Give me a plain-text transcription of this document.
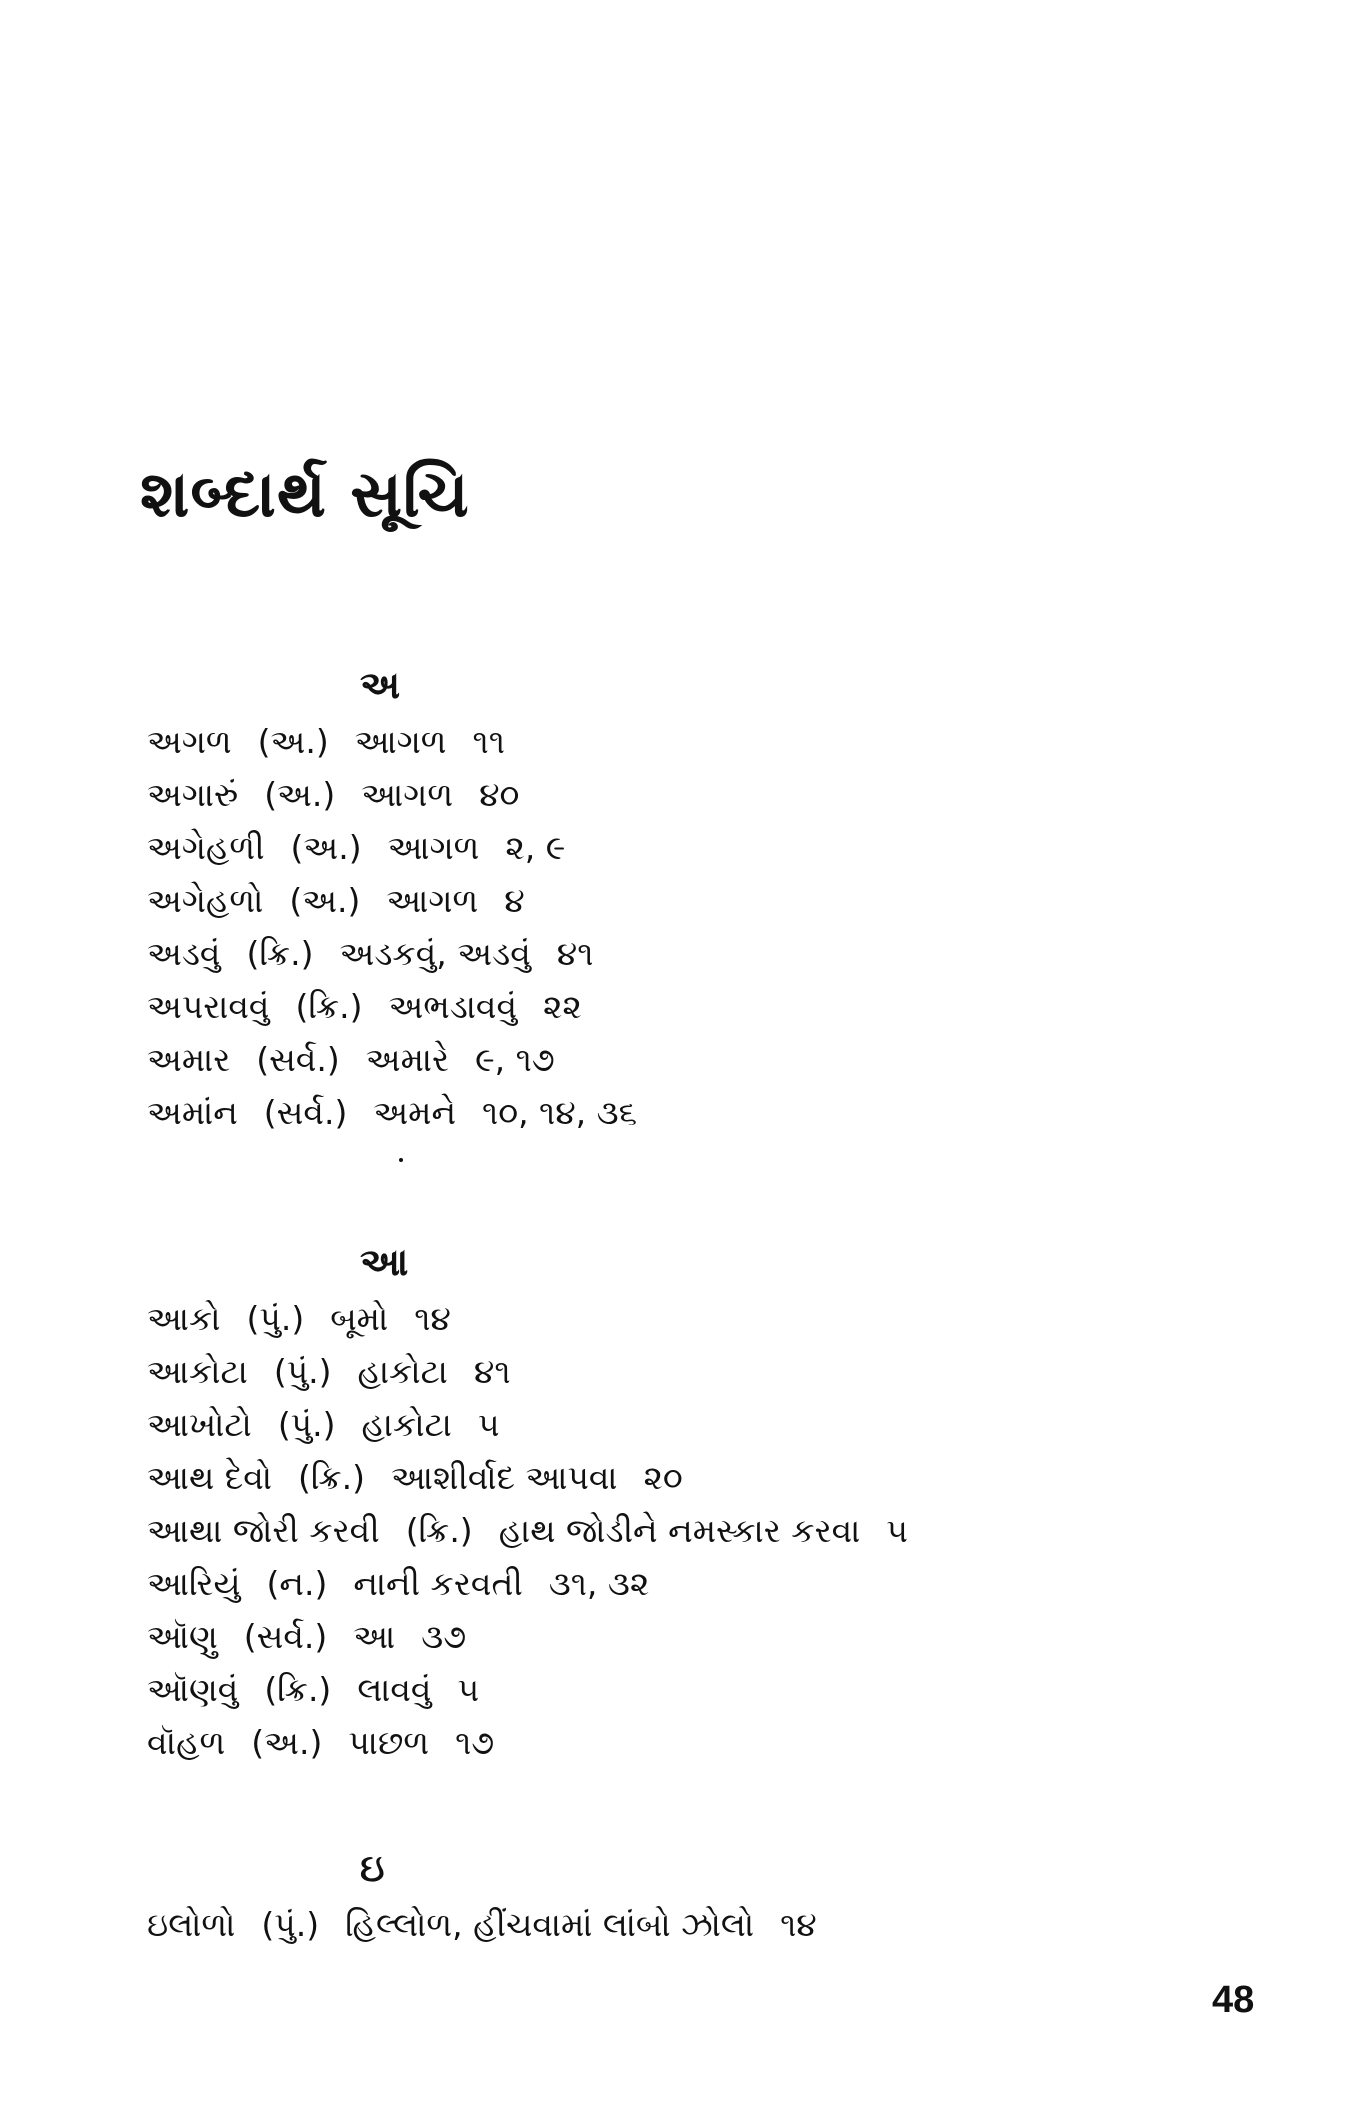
શબ્દાર્થ સૂચિ
અ
અગળ (અ.) આગળ ૧૧
અગારું (અ.) આગળ ૪૦
અગેહળી (અ.) આગળ ૨, ૯
અગેહળો (અ.) આગળ ૪
અડવું (ક્રિ.) અડકવું, અડવું ૪૧
અપરાવવું (ક્રિ.) અભડાવવું ૨૨
અમાર (સર્વ.) અમારે ૯, ૧૭
અમાંન (સર્વ.) અમને ૧૦, ૧૪, ૩૬
આ
આકો (પું.) બૂમો ૧૪
આકોટા (પું.) હાકોટા ૪૧
આખોટો (પું.) હાકોટા ૫
આથ દેવો (ક્રિ.) આશીર્વાદ આપવા ૨૦
આથા જોરી કરવી (ક્રિ.) હાથ જોડીને નમસ્કાર કરવા ૫
આરિયું (ન.) નાની કરવતી ૩૧, ૩૨
ઑણુ (સર્વ.) આ ૩૭
ઑણવું (ક્રિ.) લાવવું ૫
વૉહળ (અ.) પાછળ ૧૭
ઇ
ઇલોળો (પું.) હિલ્લોળ, હીંચવામાં લાંબો ઝોલો ૧૪
48
